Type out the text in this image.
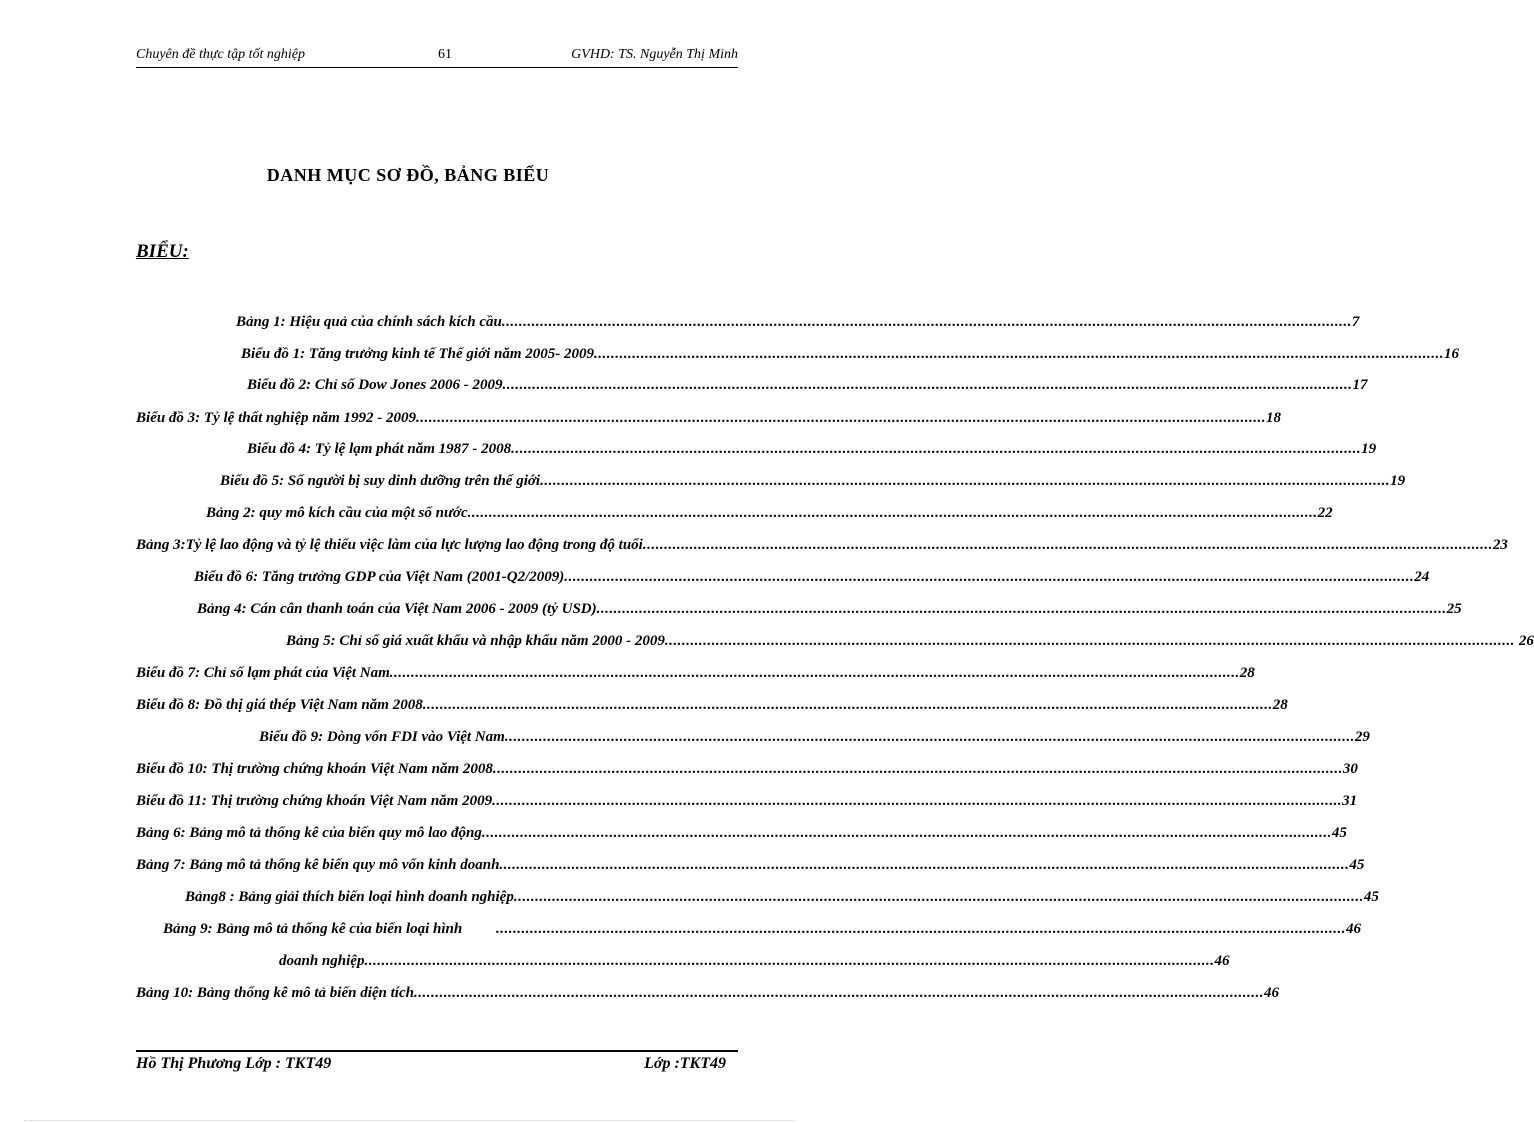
Chuyên đề thực tập tốt nghiệp	61	GVHD: TS. Nguyễn Thị Minh
DANH MỤC SƠ ĐỒ, BẢNG BIỂU
BIỂU:
Bảng 1: Hiệu quả của chính sách kích cầu ........................................................................................................................................................................................................ 7
Biểu đồ 1: Tăng trưởng kinh tế Thế giới năm 2005- 2009 ........................................................................................................................................................................................................ 16
Biểu đồ 2: Chỉ số Dow Jones 2006 - 2009 ........................................................................................................................................................................................................ 17
Biểu đồ 3: Tỷ lệ thất nghiệp năm 1992 - 2009 ........................................................................................................................................................................................................ 18
Biểu đồ 4: Tỷ lệ lạm phát năm 1987 - 2008 ........................................................................................................................................................................................................ 19
Biểu đồ 5: Số người bị suy dinh dưỡng trên thế giới ........................................................................................................................................................................................................ 19
Bảng 2: quy mô kích cầu của một số nước ........................................................................................................................................................................................................ 22
Bảng 3:Tỷ lệ lao động và tỷ lệ thiếu việc làm của lực lượng lao động trong độ tuổi ........................................................................................................................................................................................................ 23
Biểu đồ 6: Tăng trưởng GDP của Việt Nam (2001-Q2/2009) ........................................................................................................................................................................................................ 24
Bảng 4: Cán cân thanh toán của Việt Nam 2006 - 2009 (tỷ USD) ........................................................................................................................................................................................................ 25
Bảng 5: Chỉ số giá xuất khẩu và nhập khẩu năm 2000 - 2009 ........................................................................................................................................................................................................ 26
Biểu đồ 7: Chỉ số lạm phát của Việt Nam ........................................................................................................................................................................................................ 28
Biểu đồ 8: Đồ thị giá thép Việt Nam năm 2008 ........................................................................................................................................................................................................ 28
Biểu đồ 9: Dòng vốn FDI vào Việt Nam ........................................................................................................................................................................................................ 29
Biểu đồ 10: Thị trường chứng khoán Việt Nam năm 2008 ........................................................................................................................................................................................................ 30
Biểu đồ 11: Thị trường chứng khoán Việt Nam năm 2009 ........................................................................................................................................................................................................ 31
Bảng 6: Bảng mô tả thống kê của biến quy mô lao động ........................................................................................................................................................................................................ 45
Bảng 7: Bảng mô tả thống kê biến quy mô vốn kinh doanh ........................................................................................................................................................................................................ 45
Bảng8 : Bảng giải thích biến loại hình doanh nghiệp ........................................................................................................................................................................................................ 45
Bảng 9: Bảng mô tả thống kê của biến loại hình ........................................................................................................................................................................................................ 46
doanh nghiệp ........................................................................................................................................................................................................ 46
Bảng 10: Bảng thống kê mô tả biến diện tích ........................................................................................................................................................................................................ 46
Hồ Thị Phương Lớp : TKT49	Lớp :TKT49
